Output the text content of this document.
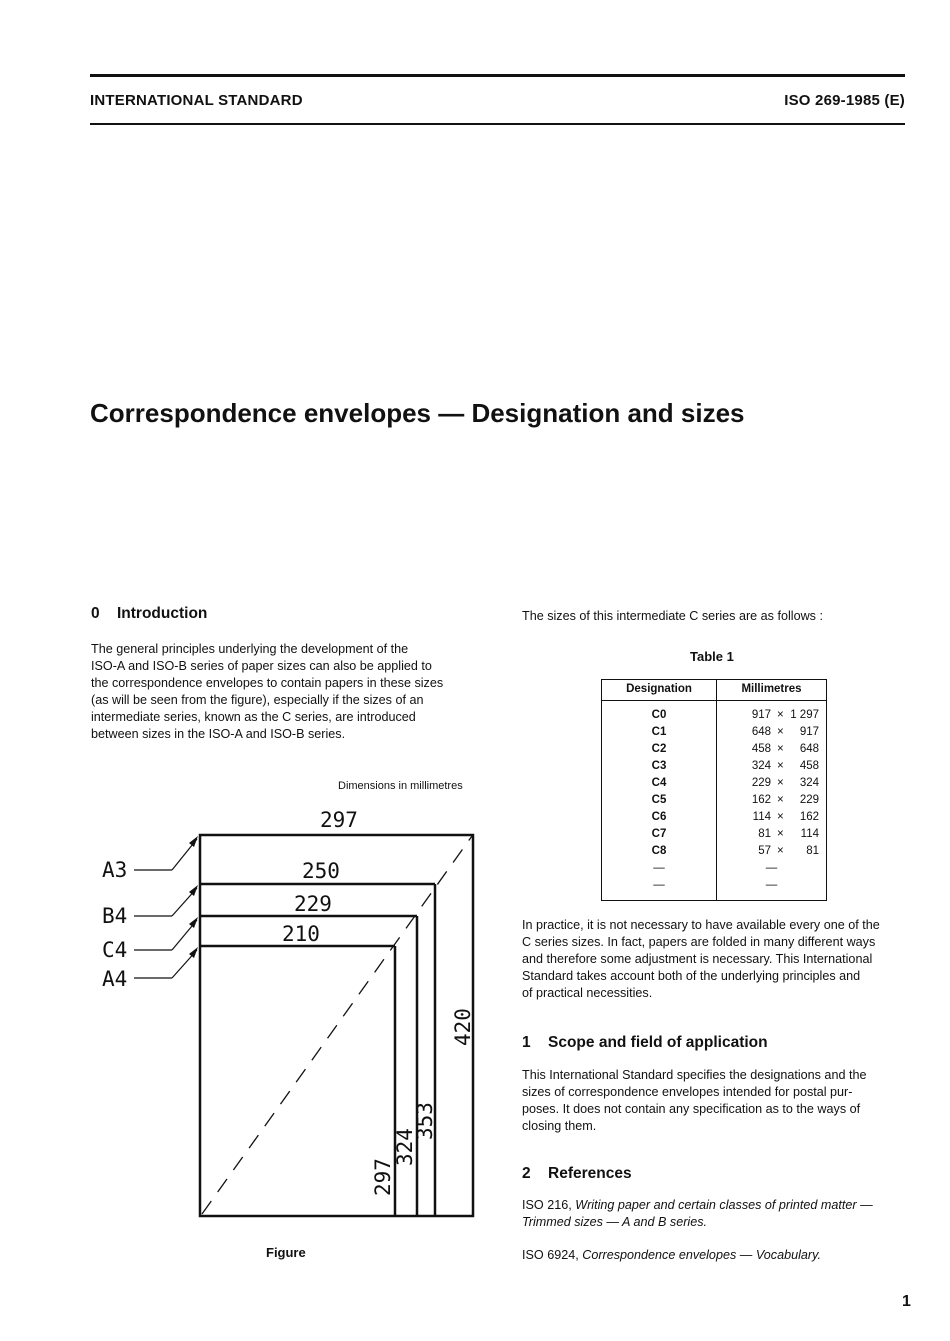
INTERNATIONAL STANDARD	ISO 269-1985 (E)
Correspondence envelopes — Designation and sizes
0 Introduction
The general principles underlying the development of the
ISO-A and ISO-B series of paper sizes can also be applied to
the correspondence envelopes to contain papers in these sizes
(as will be seen from the figure), especially if the sizes of an
intermediate series, known as the C series, are introduced
between sizes in the ISO-A and ISO-B series.
Dimensions in millimetres
297
250
229
210
A3
B4
C4
A4
297
324
353
420
Figure
The sizes of this intermediate C series are as follows :
Table 1
Designation	Millimetres
C0	917 × 1 297

C1	648 × 917

C2	458 × 648

C3	324 × 458

C4	229 × 324

C5	162 × 229

C6	114 × 162

C7	81 × 114

C8	57 × 81

—	—
—	—
In practice, it is not necessary to have available every one of the
C series sizes. In fact, papers are folded in many different ways
and therefore some adjustment is necessary. This International
Standard takes account both of the underlying principles and
of practical necessities.
1 Scope and field of application
This International Standard specifies the designations and the
sizes of correspondence envelopes intended for postal pur-
poses. It does not contain any specification as to the ways of
closing them.
2 References
ISO 216, Writing paper and certain classes of printed matter —
Trimmed sizes — A and B series.
ISO 6924, Correspondence envelopes — Vocabulary.
1
